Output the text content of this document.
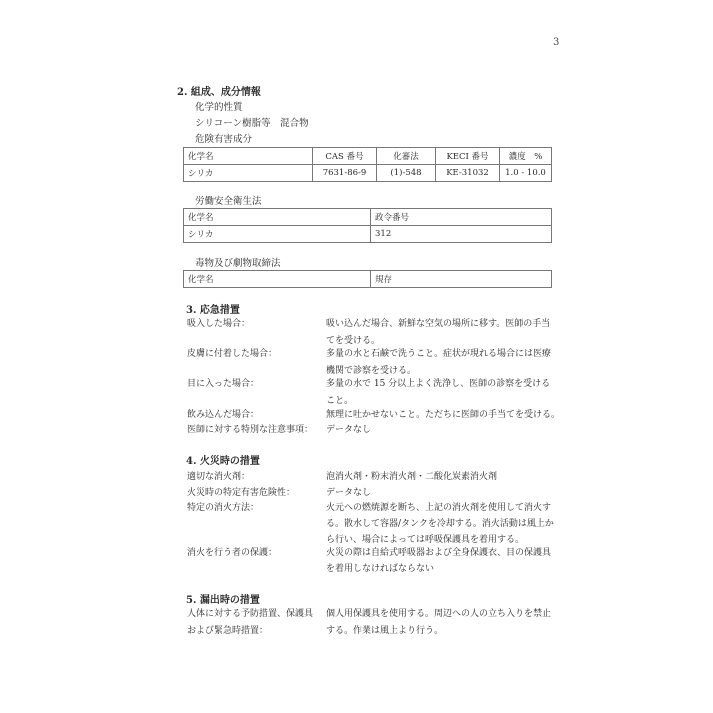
3
2. 組成、成分情報
化学的性質
シリコーン樹脂等　混合物
危険有害成分
化学名	CAS 番号	化審法	KECI 番号	濃度　%
シリカ	7631-86-9	(1)-548	KE-31032	1.0 - 10.0
労働安全衛生法
化学名	政令番号
シリカ	312
毒物及び劇物取締法
化学名	規存
3. 応急措置
吸入した場合：	吸い込んだ場合、新鮮な空気の場所に移す。医師の手当
てを受ける。
皮膚に付着した場合：	多量の水と石鹸で洗うこと。症状が現れる場合には医療
機関で診察を受ける。
目に入った場合：	多量の水で 15 分以上よく洗浄し、医師の診察を受ける
こと。
飲み込んだ場合：	無理に吐かせないこと。ただちに医師の手当てを受ける。
医師に対する特別な注意事項： データなし
4. 火災時の措置
適切な消火剤：	泡消火剤・粉末消火剤・二酸化炭素消火剤
火災時の特定有害危険性：	データなし
特定の消火方法：	火元への燃焼源を断ち、上記の消火剤を使用して消火す
る。散水して容器/タンクを冷却する。消火活動は風上か
ら行い、場合によっては呼吸保護具を着用する。
消火を行う者の保護：	火災の際は自給式呼吸器および全身保護衣、目の保護具
を着用しなければならない
5. 漏出時の措置
人体に対する予防措置、保護具
および緊急時措置：
個人用保護具を使用する。周辺への人の立ち入りを禁止
する。作業は風上より行う。
